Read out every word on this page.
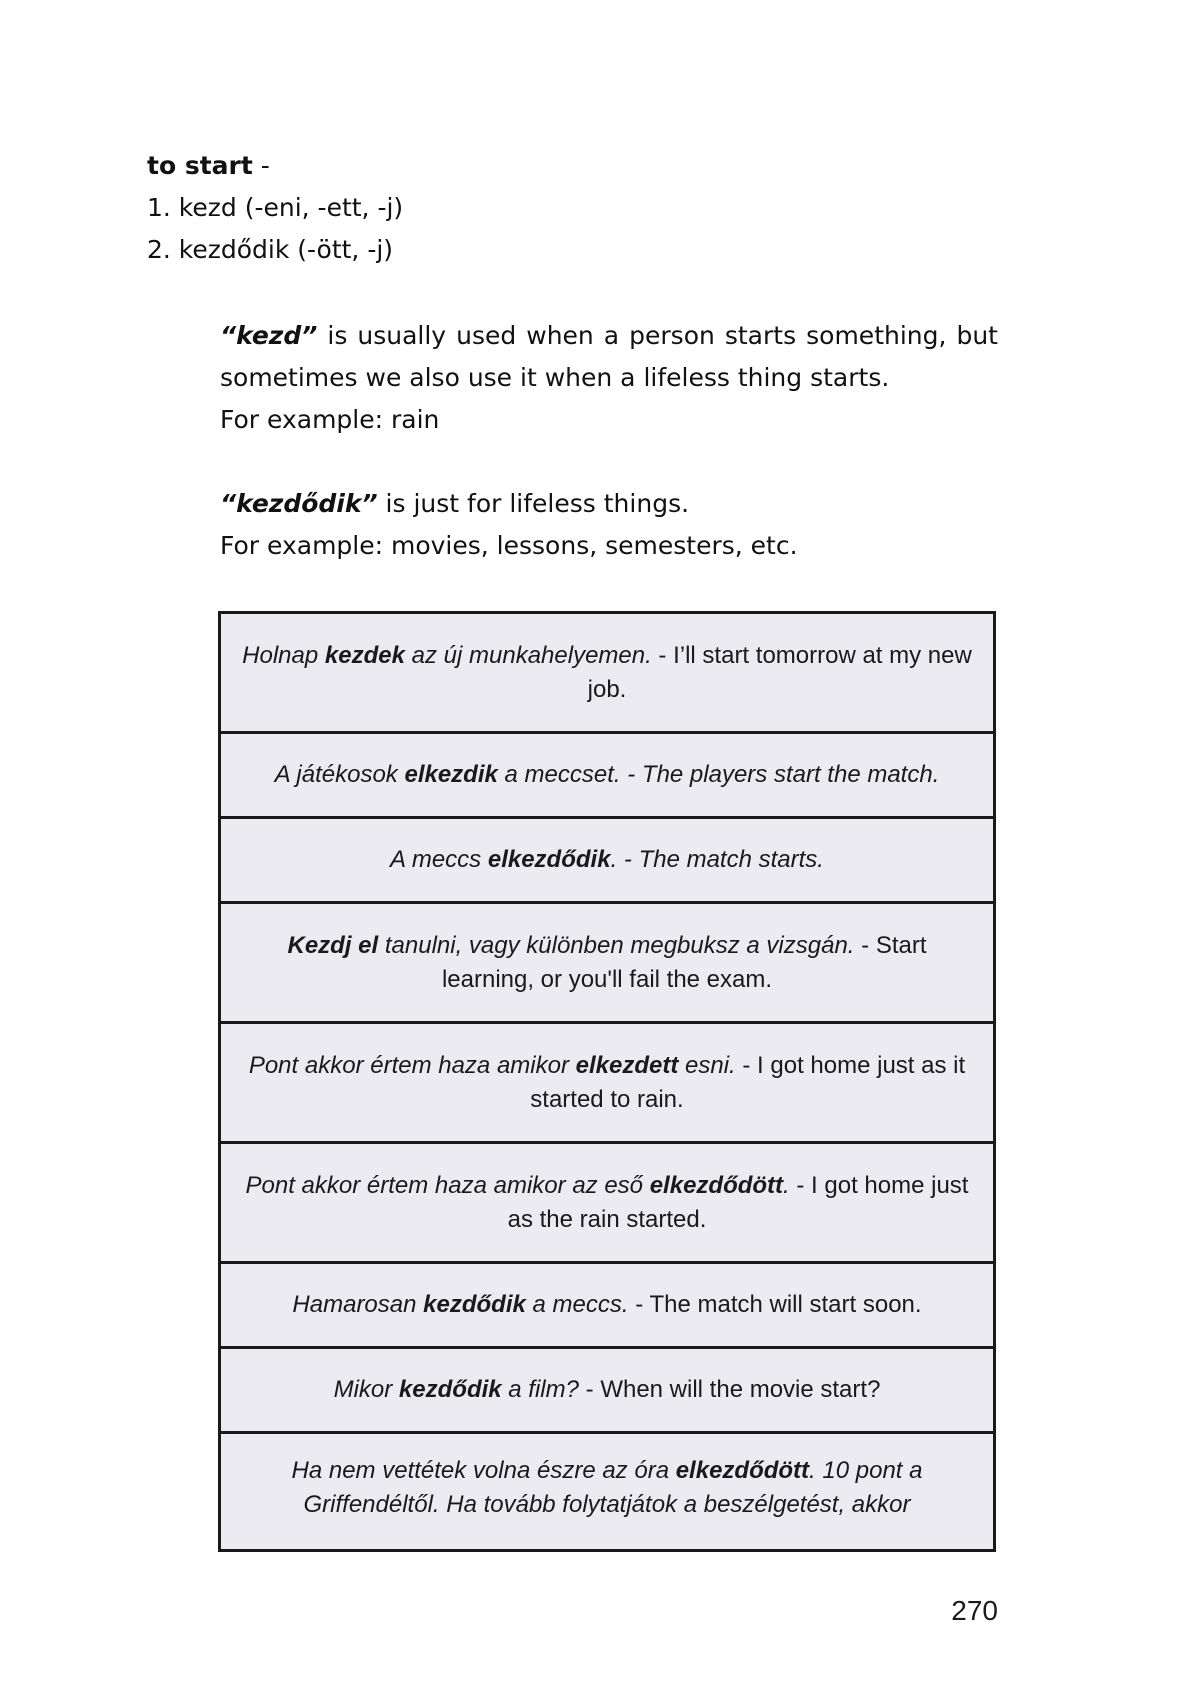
to start -
1. kezd (-eni, -ett, -j)
2. kezdődik (-ött, -j)

“kezd” is usually used when a person starts something, but sometimes we also use it when a lifeless thing starts.

For example: rain

“kezdődik” is just for lifeless things.

For example: movies, lessons, semesters, etc.

Holnap kezdek az új munkahelyemen. - I’ll start tomorrow at my new job.
A játékosok elkezdik a meccset. - The players start the match.
A meccs elkezdődik. - The match starts.
Kezdj el tanulni, vagy különben megbuksz a vizsgán. - Start learning, or you'll fail the exam.
Pont akkor értem haza amikor elkezdett esni. - I got home just as it started to rain.
Pont akkor értem haza amikor az eső elkezdődött. - I got home just as the rain started.
Hamarosan kezdődik a meccs. - The match will start soon.
Mikor kezdődik a film? - When will the movie start?
Ha nem vettétek volna észre az óra elkezdődött. 10 pont a Griffendéltől. Ha tovább folytatjátok a beszélgetést, akkor
270
